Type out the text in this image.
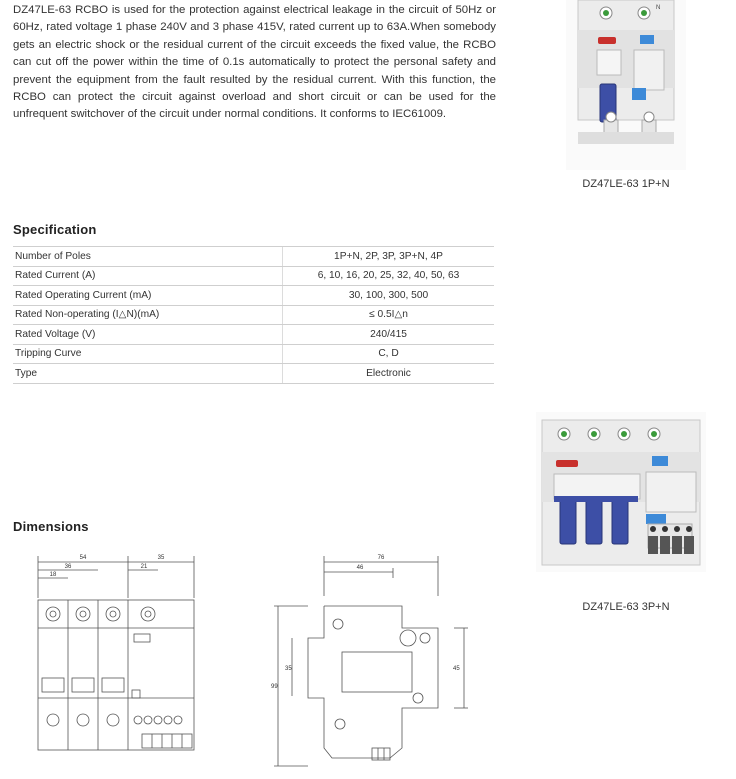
DZ47LE-63 RCBO is used for the protection against electrical leakage in the circuit of 50Hz or 60Hz, rated voltage 1 phase 240V and 3 phase 415V, rated current up to 63A.When somebody gets an electric shock or the residual current of the circuit exceeds the fixed value, the RCBO can cut off the power within the time of 0.1s automatically to protect the personal safety and prevent the equipment from the fault resulted by the residual current. With this function, the RCBO can protect the circuit against overload and short circuit or can be used for the unfrequent switchover of the circuit under normal conditions. It conforms to IEC61009.

N
DZ47LE-63 1P+N
Specification
Number of Poles	1P+N, 2P, 3P, 3P+N, 4P
Rated Current (A)	6, 10, 16, 20, 25, 32, 40, 50, 63
Rated Operating Current (mA)	30, 100, 300, 500
Rated Non-operating (I△N)(mA)	≤ 0.5I△n
Rated Voltage (V)	240/415
Tripping Curve	C, D
Type	Electronic
DZ47LE-63 3P+N
Dimensions
54	35
36	21
18
76
46
99
35	45
